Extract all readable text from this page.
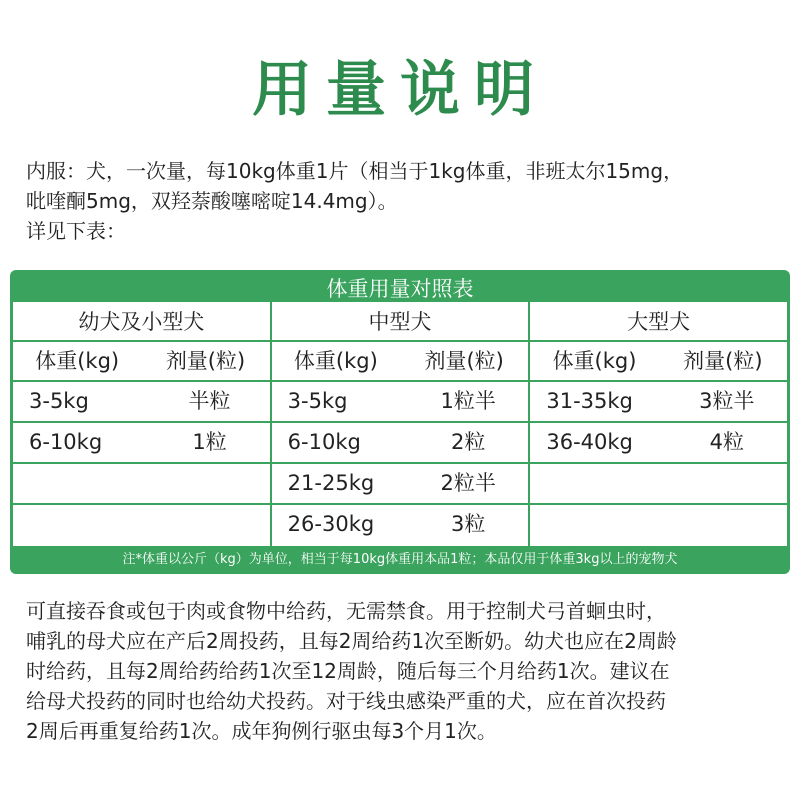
用量说明
内服：犬，一次量，每10kg体重1片（相当于1kg体重，非班太尔15mg，
吡喹酮5mg，双羟萘酸噻嘧啶14.4mg）。
详见下表：
体重用量对照表
幼犬及小型犬
体重(kg)	剂量(粒)
3-5kg	半粒
6-10kg	1粒
中型犬
体重(kg)	剂量(粒)
3-5kg	1粒半
6-10kg	2粒
21-25kg	2粒半
26-30kg	3粒
大型犬
体重(kg)	剂量(粒)
31-35kg	3粒半
36-40kg	4粒
注*体重以公斤（kg）为单位，相当于每10kg体重用本品1粒；本品仅用于体重3kg以上的宠物犬
可直接吞食或包于肉或食物中给药，无需禁食。用于控制犬弓首蛔虫时，
哺乳的母犬应在产后2周投药，且每2周给药1次至断奶。幼犬也应在2周龄
时给药，且每2周给药给药1次至12周龄，随后每三个月给药1次。建议在
给母犬投药的同时也给幼犬投药。对于线虫感染严重的犬，应在首次投药
2周后再重复给药1次。成年狗例行驱虫每3个月1次。
